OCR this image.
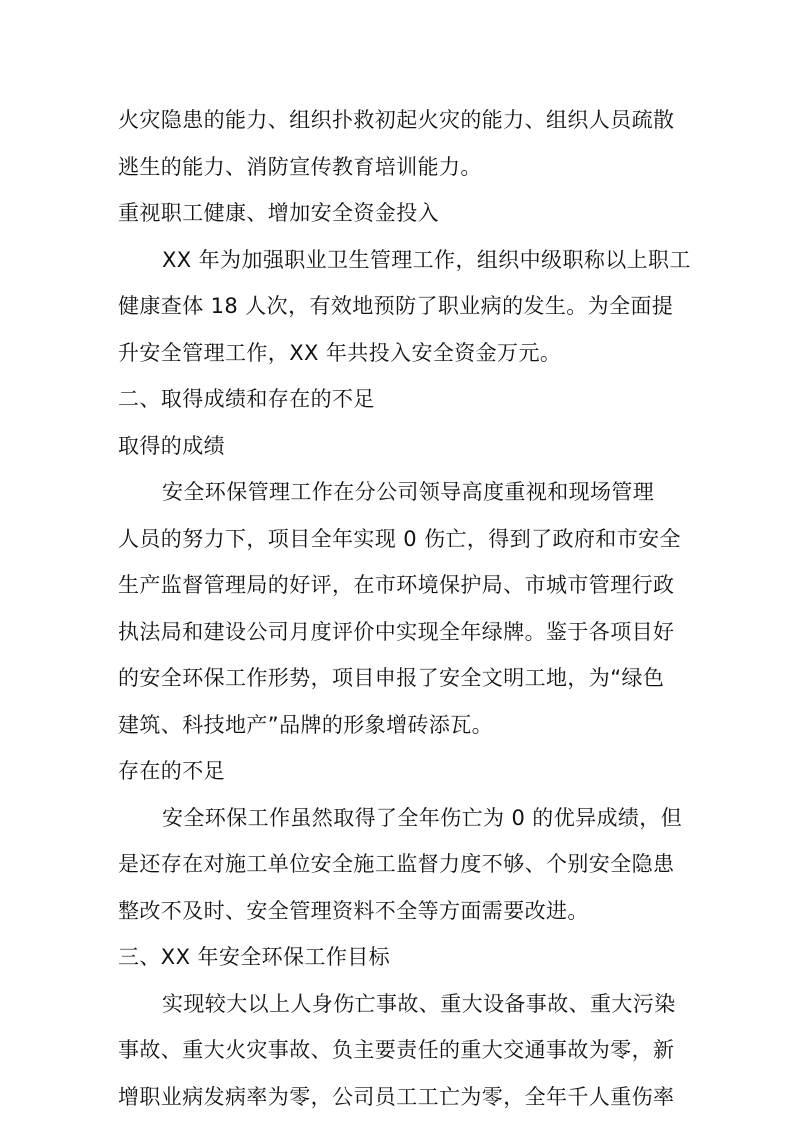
火灾隐患的能力、组织扑救初起火灾的能力、组织人员疏散
逃生的能力、消防宣传教育培训能力。
重视职工健康、增加安全资金投入
XX 年为加强职业卫生管理工作，组织中级职称以上职工
健康查体 18 人次，有效地预防了职业病的发生。为全面提
升安全管理工作，XX 年共投入安全资金万元。
二、取得成绩和存在的不足
取得的成绩
安全环保管理工作在分公司领导高度重视和现场管理
人员的努力下，项目全年实现 0 伤亡，得到了政府和市安全
生产监督管理局的好评，在市环境保护局、市城市管理行政
执法局和建设公司月度评价中实现全年绿牌。鉴于各项目好
的安全环保工作形势，项目申报了安全文明工地，为“绿色
建筑、科技地产”品牌的形象增砖添瓦。
存在的不足
安全环保工作虽然取得了全年伤亡为 0 的优异成绩，但
是还存在对施工单位安全施工监督力度不够、个别安全隐患
整改不及时、安全管理资料不全等方面需要改进。
三、XX 年安全环保工作目标
实现较大以上人身伤亡事故、重大设备事故、重大污染
事故、重大火灾事故、负主要责任的重大交通事故为零，新
增职业病发病率为零，公司员工工亡为零，全年千人重伤率
